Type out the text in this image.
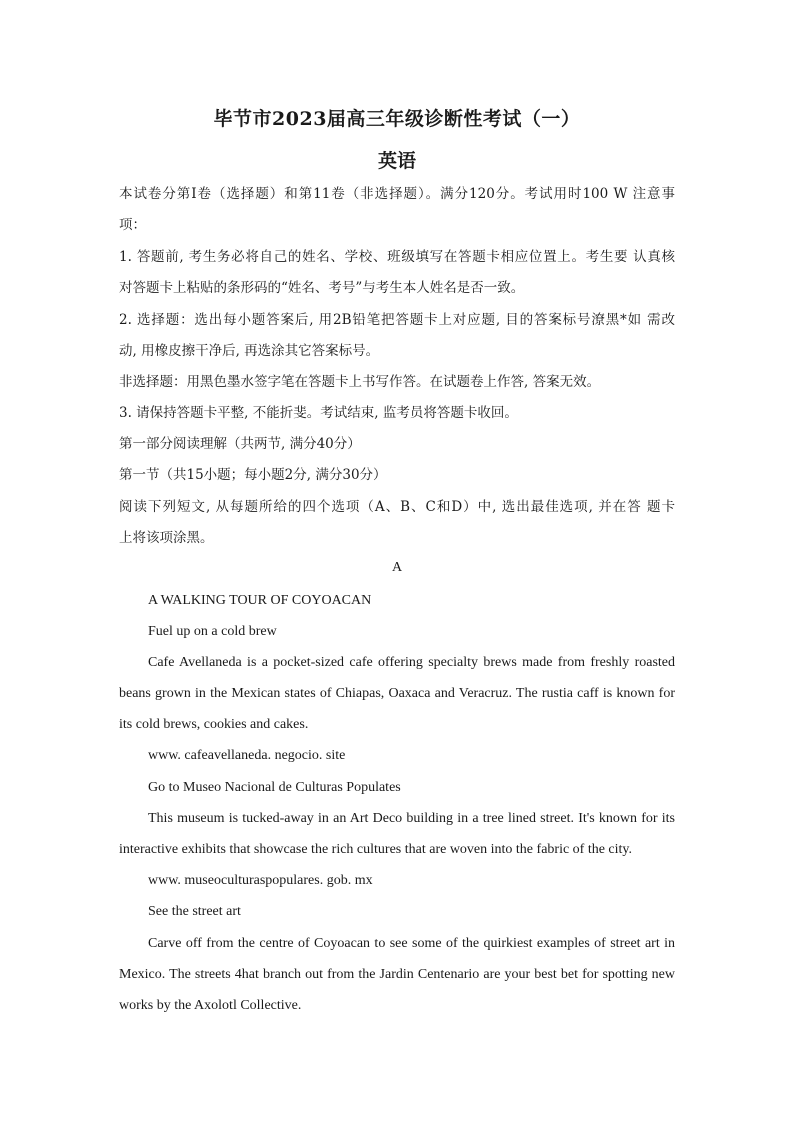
毕节市2023届高三年级诊断性考试（一）
英语
本试卷分第I卷（选择题）和第11卷（非选择题）。满分120分。考试用时100 W 注意事
项：
1. 答题前, 考生务必将自己的姓名、学校、班级填写在答题卡相应位置上。考生要 认真核
对答题卡上粘贴的条形码的“姓名、考号”与考生本人姓名是否一致。
2. 选择题：选出每小题答案后, 用2B铅笔把答题卡上对应题, 目的答案标号潦黑*如 需改
动, 用橡皮擦干净后, 再选涂其它答案标号。
非选择题：用黑色墨水签字笔在答题卡上书写作答。在试题卷上作答, 答案无效。
3. 请保持答题卡平整, 不能折斐。考试结束, 监考员将答题卡收回。
第一部分阅读理解（共两节, 满分40分）
第一节（共15小题；每小题2分, 满分30分）
阅读下列短文, 从每题所给的四个选项（A、B、C和D）中, 选出最佳选项, 并在答 题卡
上将该项涂黑。
A
A WALKING TOUR OF COYOACAN
Fuel up on a cold brew
Cafe Avellaneda is a pocket-sized cafe offering specialty brews made from freshly roasted
beans grown in the Mexican states of Chiapas, Oaxaca and Veracruz. The rustia caff is known for
its cold brews, cookies and cakes.
www. cafeavellaneda. negocio. site
Go to Museo Nacional de Culturas Populates
This museum is tucked-away in an Art Deco building in a tree lined street. It's known for its
interactive exhibits that showcase the rich cultures that are woven into the fabric of the city.
www. museoculturaspopulares. gob. mx
See the street art
Carve off from the centre of Coyoacan to see some of the quirkiest examples of street art in
Mexico. The streets 4hat branch out from the Jardin Centenario are your best bet for spotting new
works by the Axolotl Collective.
